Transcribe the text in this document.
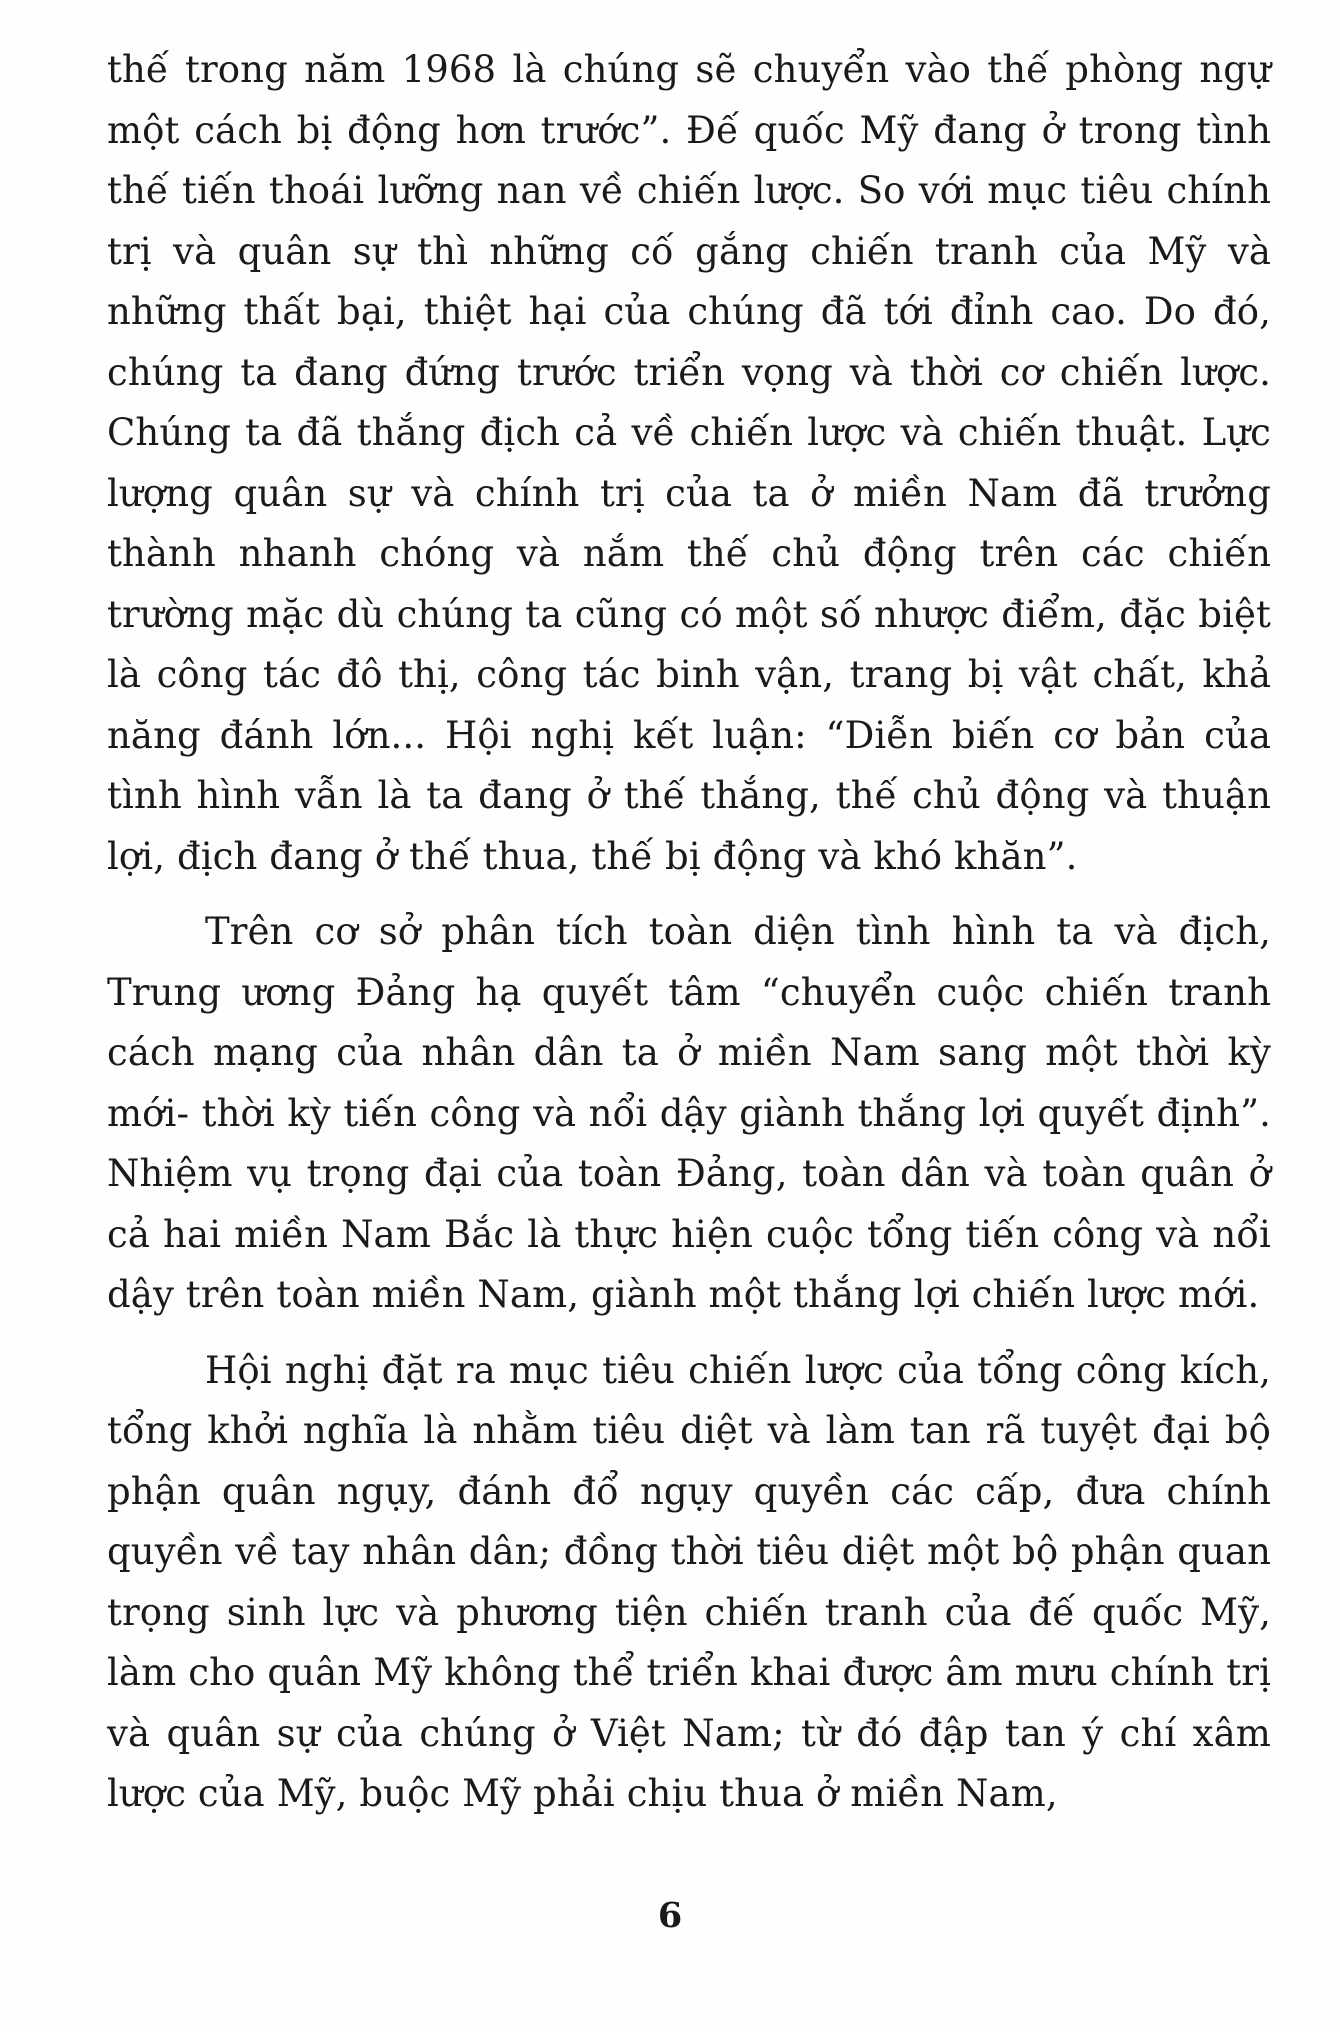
thế trong năm 1968 là chúng sẽ chuyển vào thế phòng ngự một cách bị động hơn trước”. Đế quốc Mỹ đang ở trong tình thế tiến thoái lưỡng nan về chiến lược. So với mục tiêu chính trị và quân sự thì những cố gắng chiến tranh của Mỹ và những thất bại, thiệt hại của chúng đã tới đỉnh cao. Do đó, chúng ta đang đứng trước triển vọng và thời cơ chiến lược. Chúng ta đã thắng địch cả về chiến lược và chiến thuật. Lực lượng quân sự và chính trị của ta ở miền Nam đã trưởng thành nhanh chóng và nắm thế chủ động trên các chiến trường mặc dù chúng ta cũng có một số nhược điểm, đặc biệt là công tác đô thị, công tác binh vận, trang bị vật chất, khả năng đánh lớn... Hội nghị kết luận: “Diễn biến cơ bản của tình hình vẫn là ta đang ở thế thắng, thế chủ động và thuận lợi, địch đang ở thế thua, thế bị động và khó khăn”.

Trên cơ sở phân tích toàn diện tình hình ta và địch, Trung ương Đảng hạ quyết tâm “chuyển cuộc chiến tranh cách mạng của nhân dân ta ở miền Nam sang một thời kỳ mới- thời kỳ tiến công và nổi dậy giành thắng lợi quyết định”. Nhiệm vụ trọng đại của toàn Đảng, toàn dân và toàn quân ở cả hai miền Nam Bắc là thực hiện cuộc tổng tiến công và nổi dậy trên toàn miền Nam, giành một thắng lợi chiến lược mới.

Hội nghị đặt ra mục tiêu chiến lược của tổng công kích, tổng khởi nghĩa là nhằm tiêu diệt và làm tan rã tuyệt đại bộ phận quân ngụy, đánh đổ ngụy quyền các cấp, đưa chính quyền về tay nhân dân; đồng thời tiêu diệt một bộ phận quan trọng sinh lực và phương tiện chiến tranh của đế quốc Mỹ, làm cho quân Mỹ không thể triển khai được âm mưu chính trị và quân sự của chúng ở Việt Nam; từ đó đập tan ý chí xâm lược của Mỹ, buộc Mỹ phải chịu thua ở miền Nam,

6
